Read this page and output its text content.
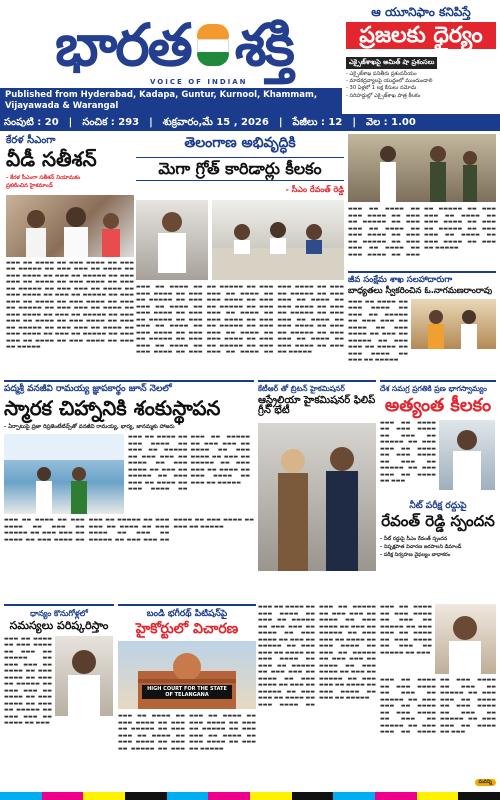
భారత శక్తి
VOICE OF INDIAN
Published from Hyderabad, Kadapa, Guntur, Kurnool, Khammam, Vijayawada & Warangal
సంపుటి : 20 | సంచిక : 293 | శుక్రవారం,మే 15 , 2026 | పేజీలు : 12 | వెల : 1.00
ఆ యూనిఫాం కనిపిస్తే
ప్రజలకు ధైర్యం
ఎక్సైజ్‌శాఖపై అమిత్ షా ప్రశంసలు
- ఎక్సైజ్‌శాఖ పనితీరు ప్రశంసనీయం
- మాదకద్రవ్యాలపై యుద్ధంలో ముందుండాలి
- 30 ఏళ్లలో 1 లక్ష కేసులు నమోదు
- సరిహద్దుల్లో ఎక్సైజ్‌శాఖ పాత్ర కీలకం
కేరళ సీఎంగా
వీడీ సతీశన్
- కేరళ సీఎంగా సతీశన్ నియామకం
ప్రకటించిన హైకమాండ్
▬▬▬ ▬▬ ▬▬▬▬ ▬▬ ▬▬▬ ▬▬▬▬ ▬▬ ▬▬▬ ▬▬ ▬▬▬▬▬ ▬▬ ▬▬▬ ▬▬▬ ▬▬ ▬▬▬▬ ▬▬ ▬▬▬ ▬▬▬▬ ▬▬ ▬▬▬ ▬▬ ▬▬▬▬▬ ▬▬ ▬▬▬ ▬▬▬ ▬▬ ▬▬▬▬ ▬▬ ▬▬▬ ▬▬▬▬ ▬▬ ▬▬▬ ▬▬ ▬▬▬▬▬ ▬▬ ▬▬▬ ▬▬▬ ▬▬ ▬▬▬▬ ▬▬ ▬▬▬ ▬▬▬▬ ▬▬ ▬▬▬ ▬▬ ▬▬▬▬▬ ▬▬ ▬▬▬ ▬▬▬ ▬▬ ▬▬▬▬ ▬▬ ▬▬▬ ▬▬▬▬ ▬▬ ▬▬▬ ▬▬ ▬▬▬▬▬ ▬▬ ▬▬▬ ▬▬▬ ▬▬ ▬▬▬▬ ▬▬ ▬▬▬ ▬▬▬▬ ▬▬ ▬▬▬ ▬▬ ▬▬▬▬▬ ▬▬ ▬▬▬ ▬▬▬ ▬▬ ▬▬▬▬ ▬▬ ▬▬▬ ▬▬▬▬ ▬▬ ▬▬▬ ▬▬ ▬▬▬▬▬ ▬▬ ▬▬▬ ▬▬▬ ▬▬ ▬▬▬▬ ▬▬ ▬▬▬ ▬▬▬▬ ▬▬ ▬▬▬ ▬▬ ▬▬▬▬▬ ▬▬ ▬▬▬ ▬▬▬ ▬▬ ▬▬▬▬ ▬▬ ▬▬▬ ▬▬▬▬ ▬▬ ▬▬▬ ▬▬ ▬▬▬▬▬
తెలంగాణ అభివృద్ధికి
మెగా గ్రోత్ కారిడార్లు కీలకం
- సీఎం రేవంత్ రెడ్డి
▬▬▬ ▬▬ ▬▬▬▬ ▬▬ ▬▬▬ ▬▬▬▬ ▬▬ ▬▬▬ ▬▬ ▬▬▬▬▬ ▬▬ ▬▬▬ ▬▬▬ ▬▬ ▬▬▬▬ ▬▬ ▬▬▬ ▬▬▬▬ ▬▬ ▬▬▬ ▬▬ ▬▬▬▬▬ ▬▬ ▬▬▬ ▬▬▬ ▬▬ ▬▬▬▬ ▬▬ ▬▬▬ ▬▬▬▬ ▬▬ ▬▬▬ ▬▬ ▬▬▬▬▬ ▬▬ ▬▬▬ ▬▬▬ ▬▬ ▬▬▬▬ ▬▬ ▬▬▬ ▬▬▬▬ ▬▬ ▬▬▬ ▬▬ ▬▬▬▬▬ ▬▬ ▬▬▬ ▬▬▬ ▬▬ ▬▬▬▬ ▬▬ ▬▬▬ ▬▬▬▬ ▬▬ ▬▬▬ ▬▬ ▬▬▬▬▬ ▬▬ ▬▬▬ ▬▬▬ ▬▬ ▬▬▬▬ ▬▬ ▬▬▬ ▬▬▬▬ ▬▬ ▬▬▬ ▬▬ ▬▬▬▬▬ ▬▬ ▬▬▬ ▬▬▬ ▬▬ ▬▬▬▬ ▬▬ ▬▬▬ ▬▬▬▬ ▬▬ ▬▬▬ ▬▬ ▬▬▬▬▬ ▬▬ ▬▬▬ ▬▬▬ ▬▬ ▬▬▬▬ ▬▬ ▬▬▬ ▬▬▬▬ ▬▬ ▬▬▬ ▬▬ ▬▬▬▬▬ ▬▬ ▬▬▬ ▬▬▬ ▬▬ ▬▬▬▬ ▬▬ ▬▬▬ ▬▬▬▬ ▬▬ ▬▬▬ ▬▬ ▬▬▬▬▬ ▬▬ ▬▬▬ ▬▬▬ ▬▬ ▬▬▬▬ ▬▬ ▬▬▬ ▬▬▬▬ ▬▬ ▬▬▬ ▬▬ ▬▬▬▬▬ ▬▬ ▬▬▬ ▬▬▬ ▬▬ ▬▬▬▬ ▬▬ ▬▬▬ ▬▬▬▬ ▬▬ ▬▬▬ ▬▬ ▬▬▬▬▬
▬▬▬ ▬▬ ▬▬▬▬ ▬▬ ▬▬▬ ▬▬▬▬ ▬▬ ▬▬▬ ▬▬ ▬▬▬▬▬ ▬▬ ▬▬▬ ▬▬▬ ▬▬ ▬▬▬▬ ▬▬ ▬▬▬ ▬▬▬▬ ▬▬ ▬▬▬ ▬▬ ▬▬▬▬▬ ▬▬ ▬▬▬ ▬▬▬ ▬▬ ▬▬▬▬ ▬▬ ▬▬▬ ▬▬▬▬ ▬▬ ▬▬▬ ▬▬ ▬▬▬▬▬ ▬▬ ▬▬▬ ▬▬▬ ▬▬ ▬▬▬▬ ▬▬ ▬▬▬ ▬▬▬▬ ▬▬ ▬▬▬ ▬▬ ▬▬▬▬▬ ▬▬ ▬▬▬ ▬▬▬ ▬▬ ▬▬▬▬ ▬▬ ▬▬▬ ▬▬▬▬ ▬▬ ▬▬▬ ▬▬ ▬▬▬▬▬
జీవ సంక్షేమ శాఖ సలహాదారుగా
బాధ్యతలు స్వీకరించిన ఓ.నాగమణరాంరావు
▬▬▬ ▬▬ ▬▬▬▬ ▬▬ ▬▬▬ ▬▬▬▬ ▬▬ ▬▬▬ ▬▬ ▬▬▬▬▬ ▬▬ ▬▬▬ ▬▬▬ ▬▬ ▬▬▬▬ ▬▬ ▬▬▬ ▬▬▬▬ ▬▬ ▬▬▬ ▬▬ ▬▬▬▬▬ ▬▬ ▬▬▬ ▬▬▬ ▬▬ ▬▬▬▬ ▬▬ ▬▬▬ ▬▬▬▬ ▬▬ ▬▬▬ ▬▬ ▬▬▬▬▬
పద్మశ్రీ వనజీవి రామయ్య జ్ఞాపకార్థం జూన్ నెలలో
స్మారక చిహ్నానికి శంకుస్థాపన
- ఏర్పాటుపై ప్రజా రిప్రజెంటేటివ్స్‌తో వనజీవి రామయ్య, భార్య, జానమ్మకు హాజరు
▬▬▬ ▬▬ ▬▬▬▬ ▬▬ ▬▬▬ ▬▬▬▬ ▬▬ ▬▬▬ ▬▬ ▬▬▬▬▬ ▬▬ ▬▬▬ ▬▬▬ ▬▬ ▬▬▬▬ ▬▬ ▬▬▬ ▬▬▬▬ ▬▬ ▬▬▬ ▬▬ ▬▬▬▬▬ ▬▬ ▬▬▬ ▬▬▬ ▬▬ ▬▬▬▬ ▬▬ ▬▬▬ ▬▬▬▬ ▬▬ ▬▬▬ ▬▬ ▬▬▬▬▬ ▬▬ ▬▬▬ ▬▬▬ ▬▬ ▬▬▬▬ ▬▬ ▬▬▬ ▬▬▬▬ ▬▬ ▬▬▬ ▬▬ ▬▬▬▬▬ ▬▬ ▬▬▬ ▬▬▬ ▬▬ ▬▬▬▬ ▬▬ ▬▬▬ ▬▬▬▬ ▬▬ ▬▬▬ ▬▬ ▬▬▬▬▬
▬▬▬ ▬▬ ▬▬▬▬ ▬▬ ▬▬▬ ▬▬▬▬ ▬▬ ▬▬▬ ▬▬ ▬▬▬▬▬ ▬▬ ▬▬▬ ▬▬▬ ▬▬ ▬▬▬▬ ▬▬ ▬▬▬ ▬▬▬▬ ▬▬ ▬▬▬ ▬▬ ▬▬▬▬▬ ▬▬ ▬▬▬ ▬▬▬ ▬▬ ▬▬▬▬ ▬▬ ▬▬▬ ▬▬▬▬ ▬▬ ▬▬▬ ▬▬ ▬▬▬▬▬ ▬▬ ▬▬▬ ▬▬▬ ▬▬ ▬▬▬▬ ▬▬ ▬▬▬ ▬▬▬▬ ▬▬ ▬▬▬ ▬▬ ▬▬▬▬▬
కేటీఆర్ తో బ్రిటన్ హైకమిషనర్
ఆస్ట్రేలియా హైకమిషనర్ ఫిలిప్ గ్రీన్ భేటీ
దేశ సమగ్ర ప్రగతికి ప్రణ భాగస్వామ్యం
అత్యంత కీలకం
▬▬▬ ▬▬ ▬▬▬▬ ▬▬ ▬▬▬ ▬▬▬▬ ▬▬ ▬▬▬ ▬▬ ▬▬▬▬▬ ▬▬ ▬▬▬ ▬▬▬ ▬▬ ▬▬▬▬ ▬▬ ▬▬▬ ▬▬▬▬ ▬▬ ▬▬▬ ▬▬ ▬▬▬▬▬ ▬▬ ▬▬▬ ▬▬▬ ▬▬ ▬▬▬▬ ▬▬ ▬▬▬
నీట్ పరీక్ష రద్దుపై
రేవంత్ రెడ్డి స్పందన
- నీట్ రద్దుపై సీఎం రేవంత్ స్పందన
- నిష్పక్షపాత విచారణ జరపాలని డిమాండ్
- పరీక్ష నిర్వహణ వైఫల్యం బాధాకరం
ధాన్యం కొనుగోళ్లలో
సమస్యలు పరిష్కరిస్తాం
▬▬▬ ▬▬ ▬▬▬▬ ▬▬ ▬▬▬ ▬▬▬▬ ▬▬ ▬▬▬ ▬▬ ▬▬▬▬▬ ▬▬ ▬▬▬ ▬▬▬ ▬▬ ▬▬▬▬ ▬▬ ▬▬▬ ▬▬▬▬ ▬▬ ▬▬▬ ▬▬ ▬▬▬▬▬ ▬▬ ▬▬▬ ▬▬▬ ▬▬ ▬▬▬▬ ▬▬ ▬▬▬ ▬▬▬▬ ▬▬ ▬▬▬ ▬▬ ▬▬▬▬▬ ▬▬ ▬▬▬ ▬▬▬ ▬▬ ▬▬▬▬ ▬▬ ▬▬▬
బండి భగీరథ్ పిటిషన్‌పై
హైకోర్టులో విచారణ
HIGH COURT FOR THE STATE OF TELANGANA
▬▬▬ ▬▬ ▬▬▬▬ ▬▬ ▬▬▬ ▬▬▬▬ ▬▬ ▬▬▬ ▬▬ ▬▬▬▬▬ ▬▬ ▬▬▬ ▬▬▬ ▬▬ ▬▬▬▬ ▬▬ ▬▬▬ ▬▬▬▬ ▬▬ ▬▬▬ ▬▬ ▬▬▬▬▬ ▬▬ ▬▬▬ ▬▬▬ ▬▬ ▬▬▬▬ ▬▬ ▬▬▬ ▬▬▬▬ ▬▬ ▬▬▬ ▬▬ ▬▬▬▬▬ ▬▬ ▬▬▬ ▬▬▬ ▬▬ ▬▬▬▬ ▬▬ ▬▬▬ ▬▬▬▬ ▬▬ ▬▬▬ ▬▬ ▬▬▬▬▬
▬▬▬ ▬▬ ▬▬▬▬ ▬▬ ▬▬▬ ▬▬▬▬ ▬▬ ▬▬▬ ▬▬ ▬▬▬▬▬ ▬▬ ▬▬▬ ▬▬▬ ▬▬ ▬▬▬▬ ▬▬ ▬▬▬ ▬▬▬▬ ▬▬ ▬▬▬ ▬▬ ▬▬▬▬▬ ▬▬ ▬▬▬ ▬▬▬ ▬▬ ▬▬▬▬ ▬▬ ▬▬▬ ▬▬▬▬ ▬▬ ▬▬▬ ▬▬ ▬▬▬▬▬ ▬▬ ▬▬▬ ▬▬▬ ▬▬ ▬▬▬▬ ▬▬ ▬▬▬ ▬▬▬▬ ▬▬ ▬▬▬ ▬▬ ▬▬▬▬▬ ▬▬ ▬▬▬ ▬▬▬ ▬▬ ▬▬▬▬ ▬▬ ▬▬▬ ▬▬▬▬ ▬▬ ▬▬▬ ▬▬ ▬▬▬▬▬ ▬▬ ▬▬▬ ▬▬▬ ▬▬ ▬▬▬▬ ▬▬ ▬▬▬ ▬▬▬▬ ▬▬ ▬▬▬ ▬▬ ▬▬▬▬▬ ▬▬ ▬▬▬ ▬▬▬ ▬▬ ▬▬▬▬ ▬▬ ▬▬▬ ▬▬▬▬ ▬▬ ▬▬▬ ▬▬ ▬▬▬▬▬ ▬▬ ▬▬▬ ▬▬▬ ▬▬ ▬▬▬▬ ▬▬ ▬▬▬ ▬▬▬▬ ▬▬ ▬▬▬ ▬▬ ▬▬▬▬▬ ▬▬ ▬▬▬ ▬▬▬ ▬▬ ▬▬▬▬ ▬▬ ▬▬▬ ▬▬▬▬ ▬▬ ▬▬▬ ▬▬ ▬▬▬▬▬
▬▬▬ ▬▬ ▬▬▬▬ ▬▬ ▬▬▬ ▬▬▬▬ ▬▬ ▬▬▬ ▬▬ ▬▬▬▬▬ ▬▬ ▬▬▬ ▬▬▬ ▬▬ ▬▬▬▬ ▬▬ ▬▬▬ ▬▬▬▬ ▬▬ ▬▬▬ ▬▬ ▬▬▬▬▬ ▬▬ ▬▬▬
▬▬▬ ▬▬ ▬▬▬▬ ▬▬ ▬▬▬ ▬▬▬▬ ▬▬ ▬▬▬ ▬▬ ▬▬▬▬▬ ▬▬ ▬▬▬ ▬▬▬ ▬▬ ▬▬▬▬ ▬▬ ▬▬▬ ▬▬▬▬ ▬▬ ▬▬▬ ▬▬ ▬▬▬▬▬ ▬▬ ▬▬▬ ▬▬▬ ▬▬ ▬▬▬▬ ▬▬ ▬▬▬ ▬▬▬▬ ▬▬ ▬▬▬ ▬▬ ▬▬▬▬▬ ▬▬ ▬▬▬ ▬▬▬ ▬▬ ▬▬▬▬ ▬▬ ▬▬▬ ▬▬▬▬ ▬▬ ▬▬▬ ▬▬ ▬▬▬▬▬ ▬▬ ▬▬▬ ▬▬▬ ▬▬ ▬▬▬▬ ▬▬ ▬▬▬
మరిన్ని
